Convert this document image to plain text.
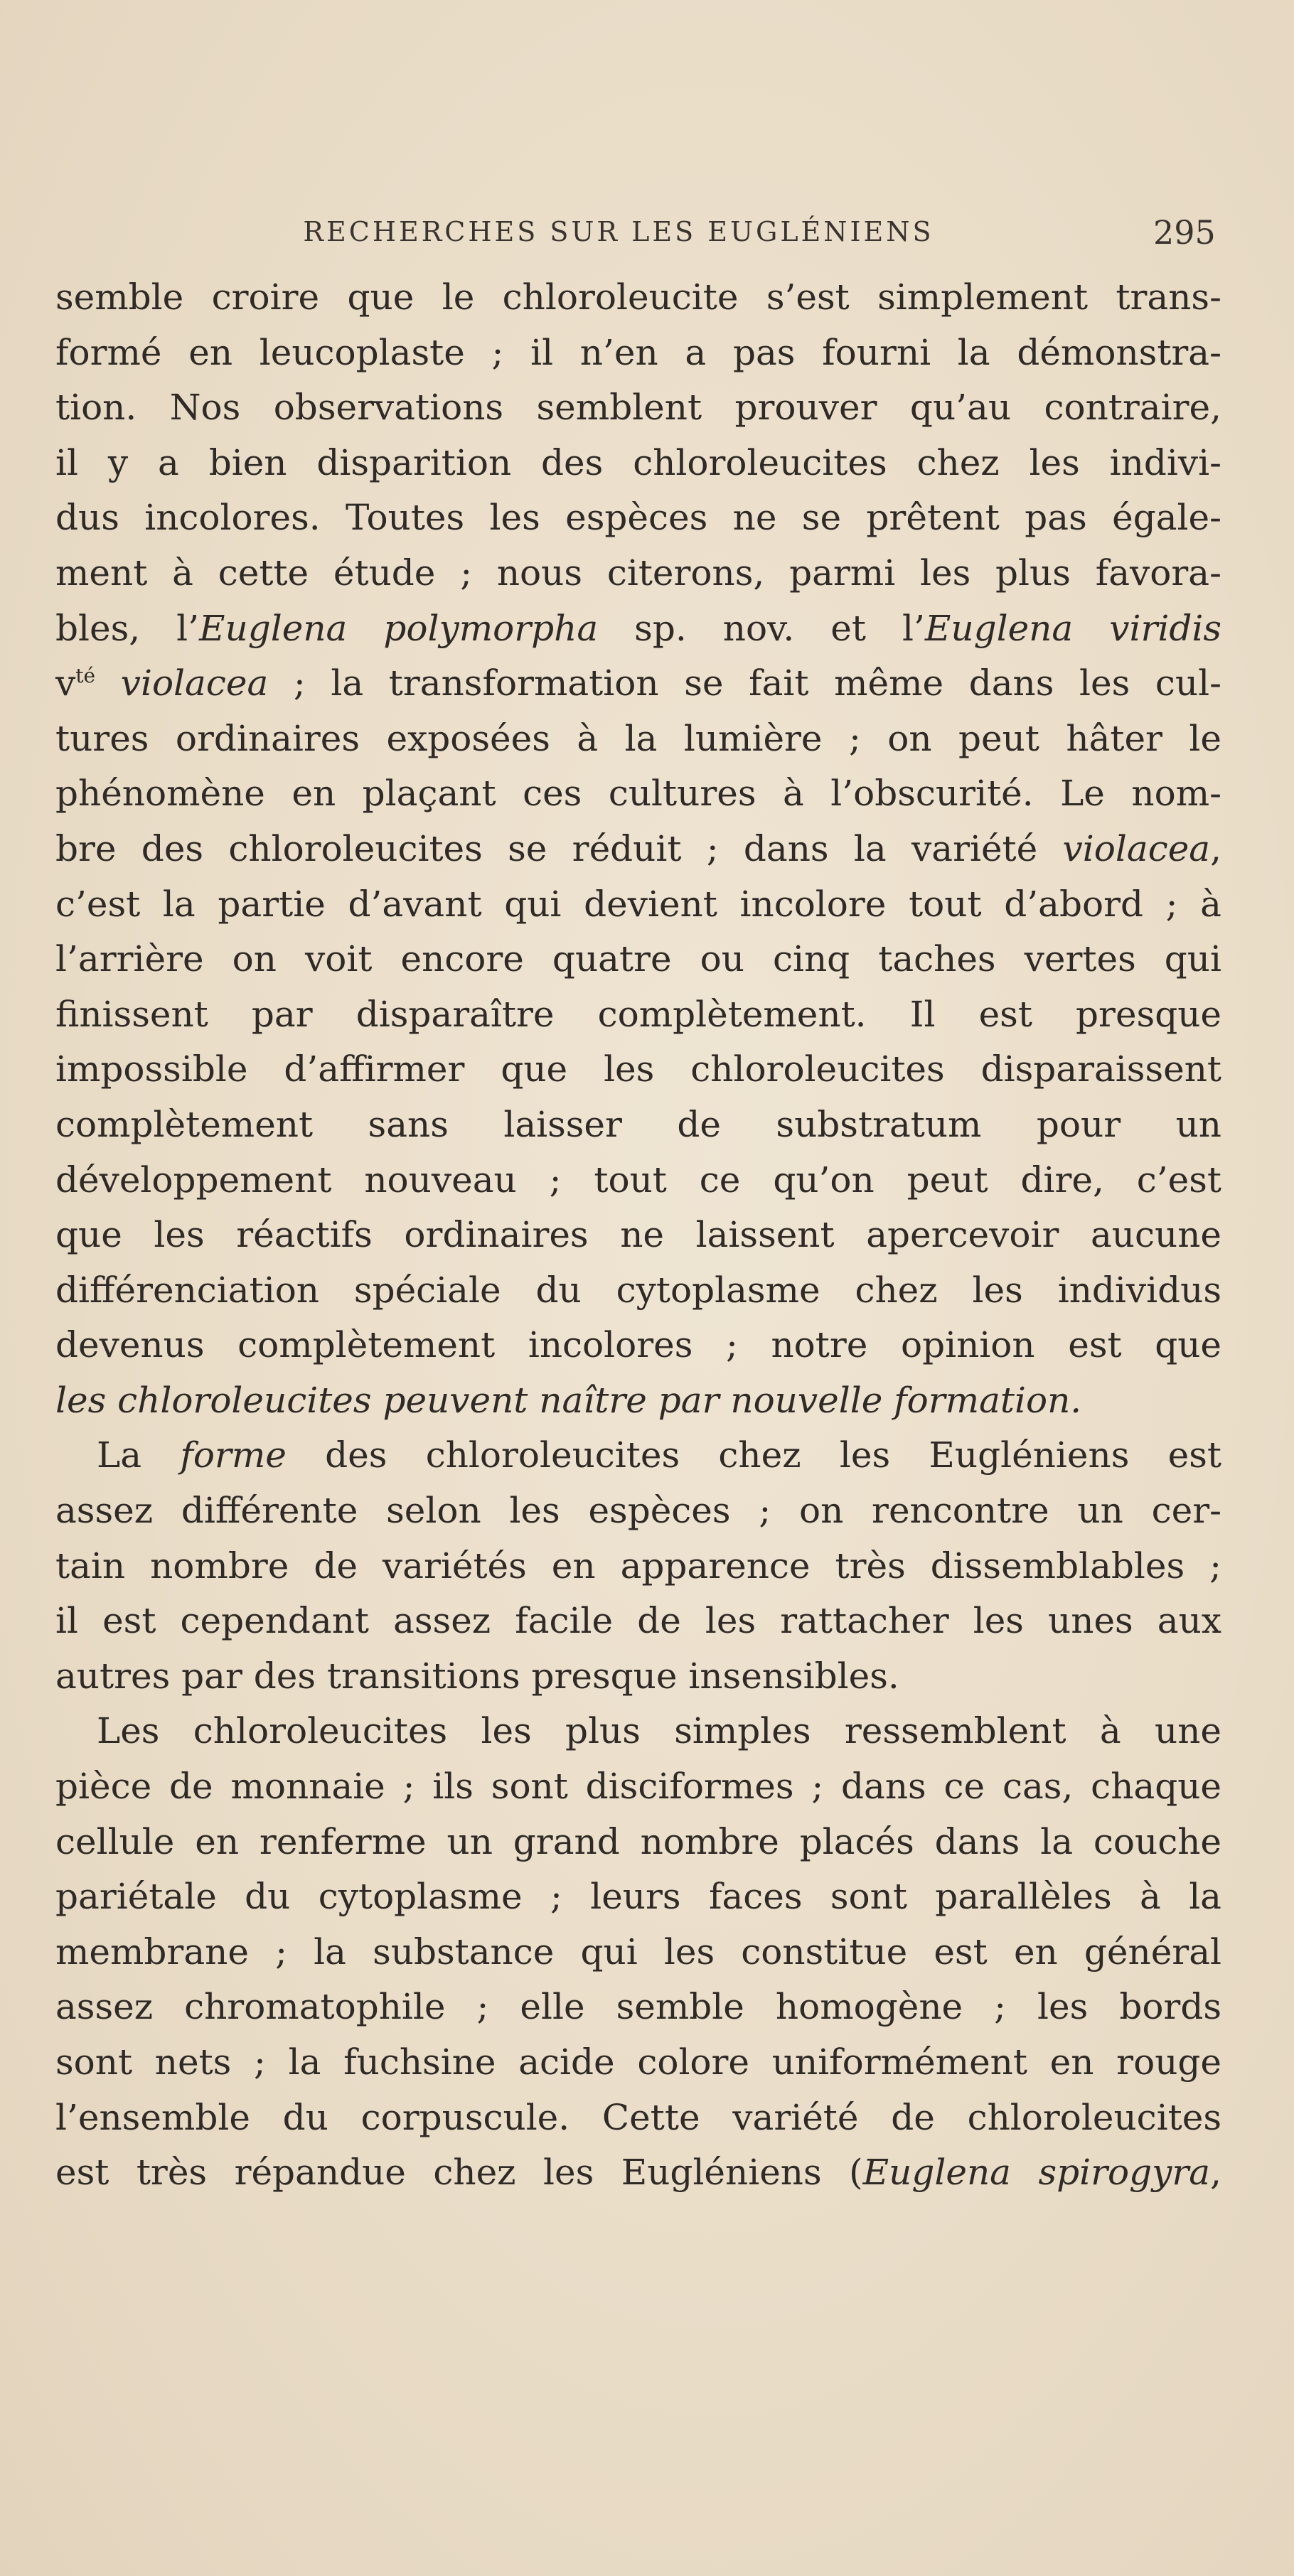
RECHERCHES SUR LES EUGLÉNIENS	295
semble croire que le chloroleucite s’est simplement trans-
formé en leucoplaste ; il n’en a pas fourni la démonstra-
tion. Nos observations semblent prouver qu’au contraire,
il y a bien disparition des chloroleucites chez les indivi-
dus incolores. Toutes les espèces ne se prêtent pas égale-
ment à cette étude ; nous citerons, parmi les plus favora-
bles, l’Euglena polymorpha sp. nov. et l’Euglena viridis
$v^{té}$ violacea ; la transformation se fait même dans les cul-
tures ordinaires exposées à la lumière ; on peut hâter le
phénomène en plaçant ces cultures à l’obscurité. Le nom-
bre des chloroleucites se réduit ; dans la variété violacea,
c’est la partie d’avant qui devient incolore tout d’abord ; à
l’arrière on voit encore quatre ou cinq taches vertes qui
finissent par disparaître complètement. Il est presque
impossible d’affirmer que les chloroleucites disparaissent
complètement sans laisser de substratum pour un
développement nouveau ; tout ce qu’on peut dire, c’est
que les réactifs ordinaires ne laissent apercevoir aucune
différenciation spéciale du cytoplasme chez les individus
devenus complètement incolores ; notre opinion est que
les chloroleucites peuvent naître par nouvelle formation.
La forme des chloroleucites chez les Eugléniens est
assez différente selon les espèces ; on rencontre un cer-
tain nombre de variétés en apparence très dissemblables ;
il est cependant assez facile de les rattacher les unes aux
autres par des transitions presque insensibles.
Les chloroleucites les plus simples ressemblent à une
pièce de monnaie ; ils sont disciformes ; dans ce cas, chaque
cellule en renferme un grand nombre placés dans la couche
pariétale du cytoplasme ; leurs faces sont parallèles à la
membrane ; la substance qui les constitue est en général
assez chromatophile ; elle semble homogène ; les bords
sont nets ; la fuchsine acide colore uniformément en rouge
l’ensemble du corpuscule. Cette variété de chloroleucites
est très répandue chez les Eugléniens (Euglena spirogyra,
